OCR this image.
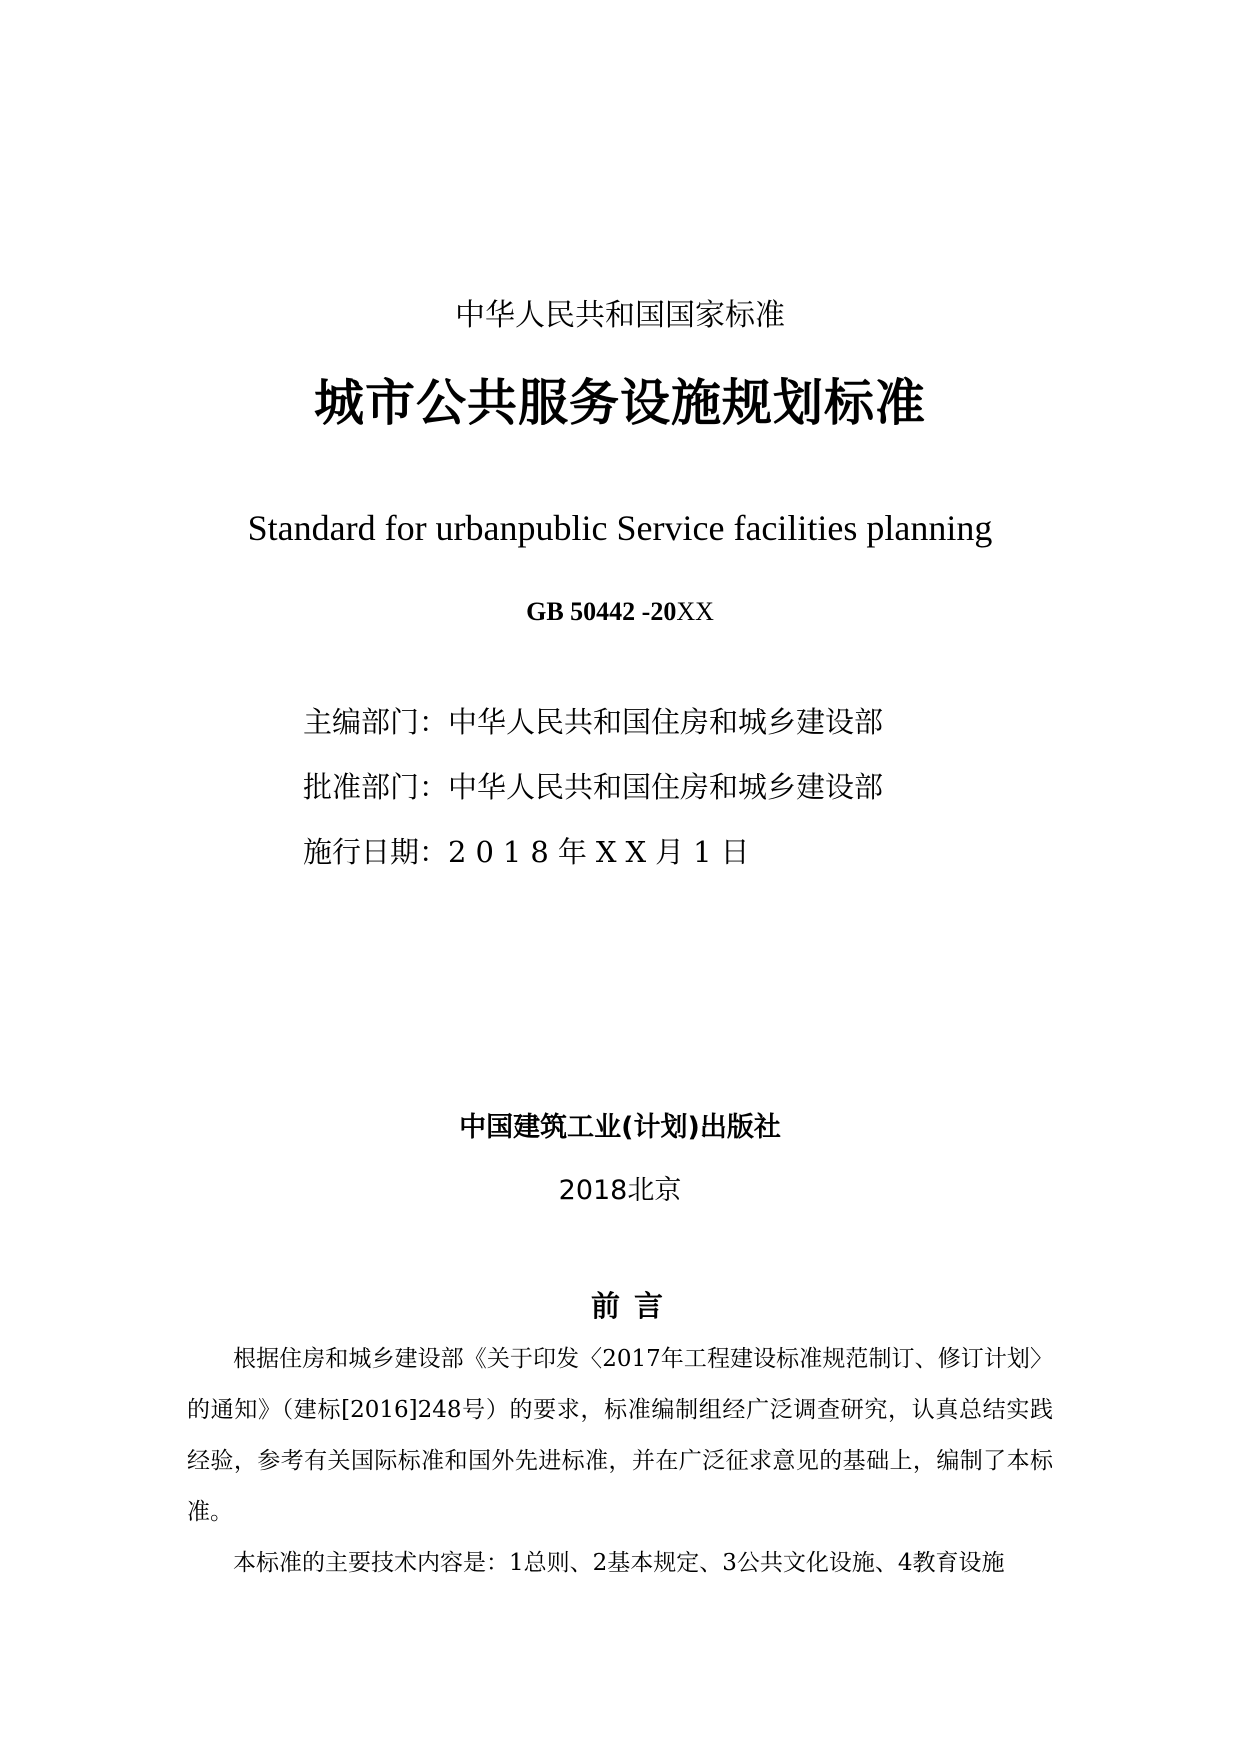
中华人民共和国国家标准
城市公共服务设施规划标准
Standard for urbanpublic Service facilities planning
GB 50442 -20XX
主编部门：中华人民共和国住房和城乡建设部
批准部门：中华人民共和国住房和城乡建设部
施行日期：2018年XX月1日
中国建筑工业(计划)出版社
2018北京
前言

根据住房和城乡建设部《关于印发〈2017年工程建设标准规范制订、修订计划〉的通知》（建标[2016]248号）的要求，标准编制组经广泛调查研究，认真总结实践经验，参考有关国际标准和国外先进标准，并在广泛征求意见的基础上，编制了本标准。

本标准的主要技术内容是：1总则、2基本规定、3公共文化设施、4教育设施
